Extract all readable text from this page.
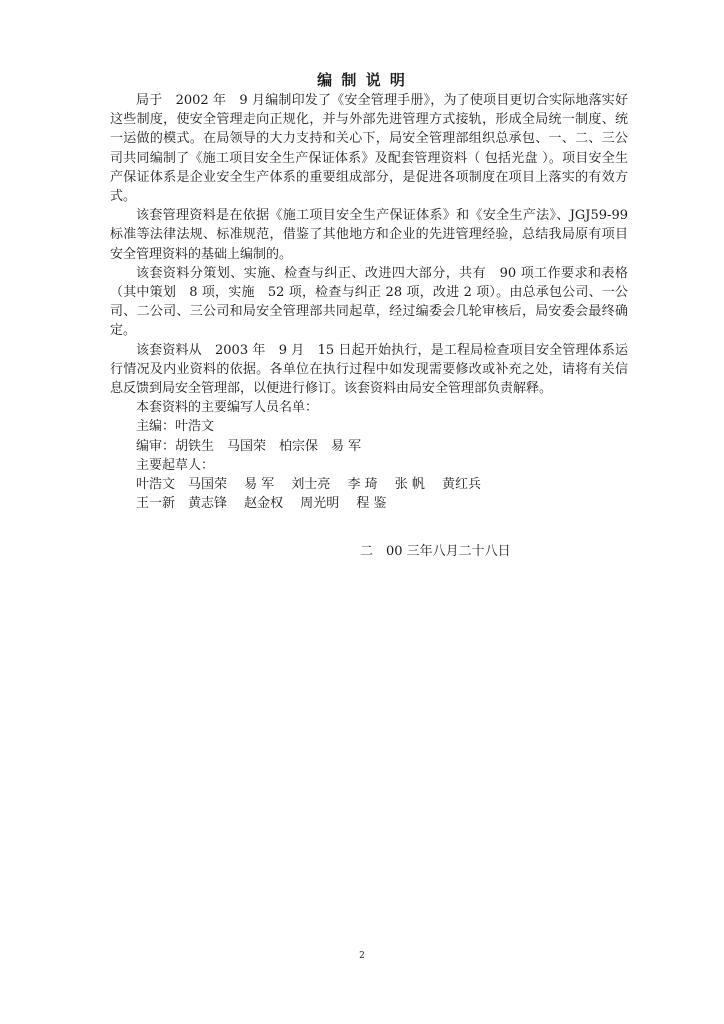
编 制 说 明

局于　2002 年　9 月编制印发了《安全管理手册》，为了使项目更切合实际地落实好这些制度，使安全管理走向正规化，并与外部先进管理方式接轨，形成全局统一制度、统一运做的模式。在局领导的大力支持和关心下，局安全管理部组织总承包、一、二、三公司共同编制了《施工项目安全生产保证体系》及配套管理资料（ 包括光盘 ）。项目安全生产保证体系是企业安全生产体系的重要组成部分，是促进各项制度在项目上落实的有效方式。

该套管理资料是在依据《施工项目安全生产保证体系》和《安全生产法》、JGJ59-99 标准等法律法规、标准规范，借鉴了其他地方和企业的先进管理经验，总结我局原有项目安全管理资料的基础上编制的。

该套资料分策划、实施、检查与纠正、改进四大部分，共有　90 项工作要求和表格（其中策划　8 项，实施　52 项，检查与纠正 28 项，改进 2 项）。由总承包公司、一公司、二公司、三公司和局安全管理部共同起草，经过编委会几轮审核后，局安委会最终确定。

该套资料从　2003 年　9 月　15 日起开始执行，是工程局检查项目安全管理体系运行情况及内业资料的依据。各单位在执行过程中如发现需要修改或补充之处，请将有关信息反馈到局安全管理部，以便进行修订。该套资料由局安全管理部负责解释。

本套资料的主要编写人员名单：

主编：叶浩文

编审：胡铁生　马国荣　柏宗保　易 军

主要起草人：

叶浩文　马国荣　 易 军　 刘士亮　 李 琦　 张 帆　 黄红兵

王一新　黄志锋　 赵金权　 周光明　 程 鉴

二　00 三年八月二十八日
2
